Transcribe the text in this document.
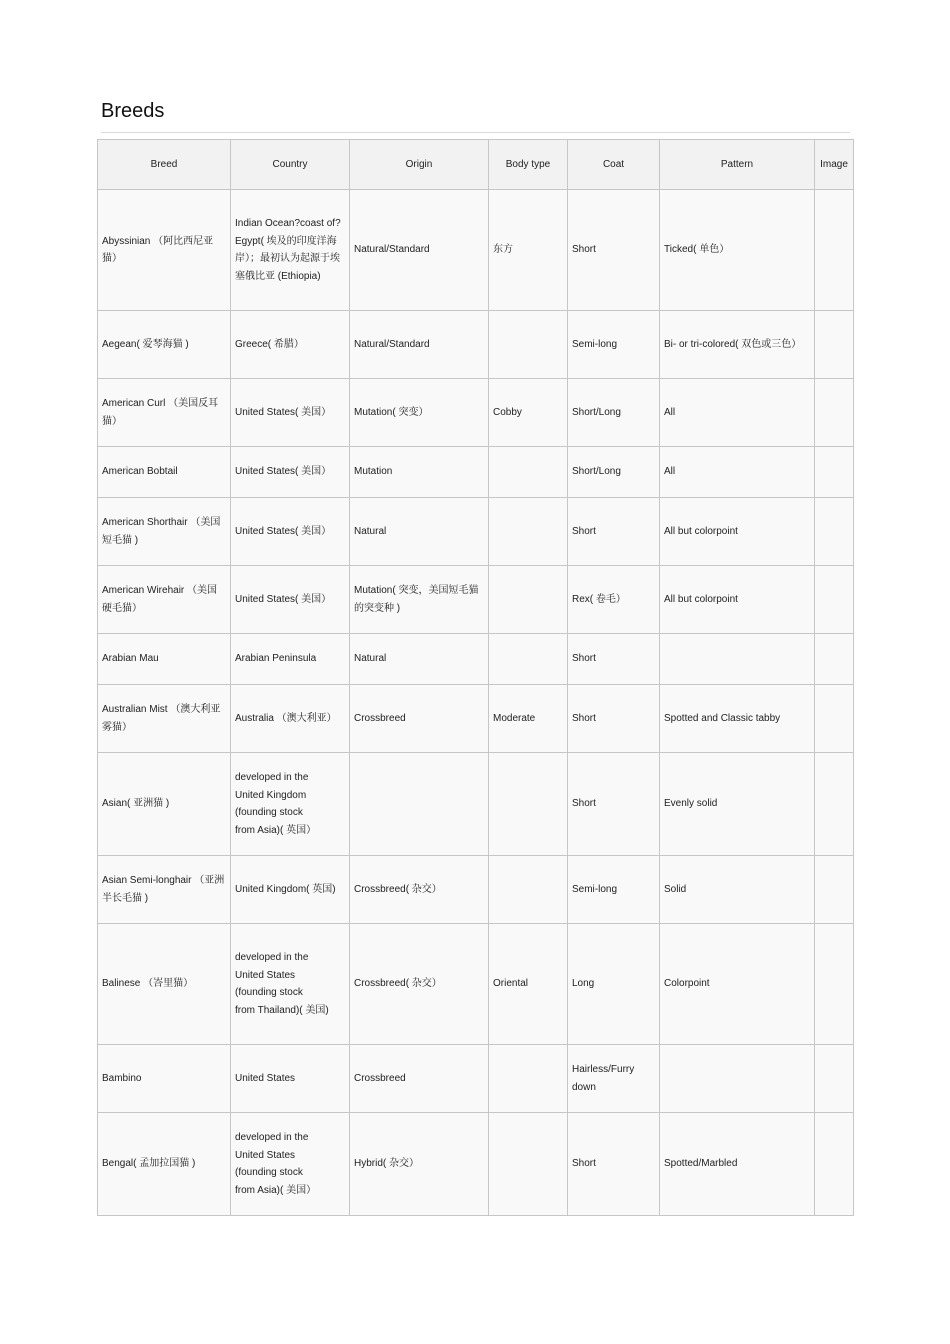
Breeds
Breed	Country	Origin	Body type	Coat	Pattern	Image
Abyssinian （阿比西尼亚猫）	Indian Ocean?coast of?Egypt( 埃及的印度洋海岸）；最初认为起源于埃塞俄比亚 (Ethiopia)	Natural/Standard	东方	Short	Ticked( 单色）	
Aegean( 爱琴海猫 )	Greece( 希腊）	Natural/Standard		Semi-long	Bi- or tri-colored( 双色或三色）	
American Curl （美国反耳猫）	United States( 美国）	Mutation( 突变）	Cobby	Short/Long	All	
American Bobtail	United States( 美国）	Mutation		Short/Long	All	
American Shorthair （美国短毛猫 )	United States( 美国）	Natural		Short	All but colorpoint	
American Wirehair （美国硬毛猫）	United States( 美国）	Mutation( 突变，美国短毛猫的突变种 )		Rex( 卷毛）	All but colorpoint	
Arabian Mau	Arabian Peninsula	Natural		Short		
Australian Mist （澳大利亚雾猫）	Australia （澳大利亚）	Crossbreed	Moderate	Short	Spotted and Classic tabby	
Asian( 亚洲猫 )	developed in the
United Kingdom
(founding stock
from Asia)( 英国）			Short	Evenly solid	
Asian Semi-longhair （亚洲半长毛猫 )	United Kingdom( 英国)	Crossbreed( 杂交）		Semi-long	Solid	
Balinese （峇里猫）	developed in the
United States
(founding stock
from Thailand)( 美国)	Crossbreed( 杂交）	Oriental	Long	Colorpoint	
Bambino	United States	Crossbreed		Hairless/Furry down		
Bengal( 孟加拉国猫 )	developed in the
United States
(founding stock
from Asia)( 美国）	Hybrid( 杂交）		Short	Spotted/Marbled	
